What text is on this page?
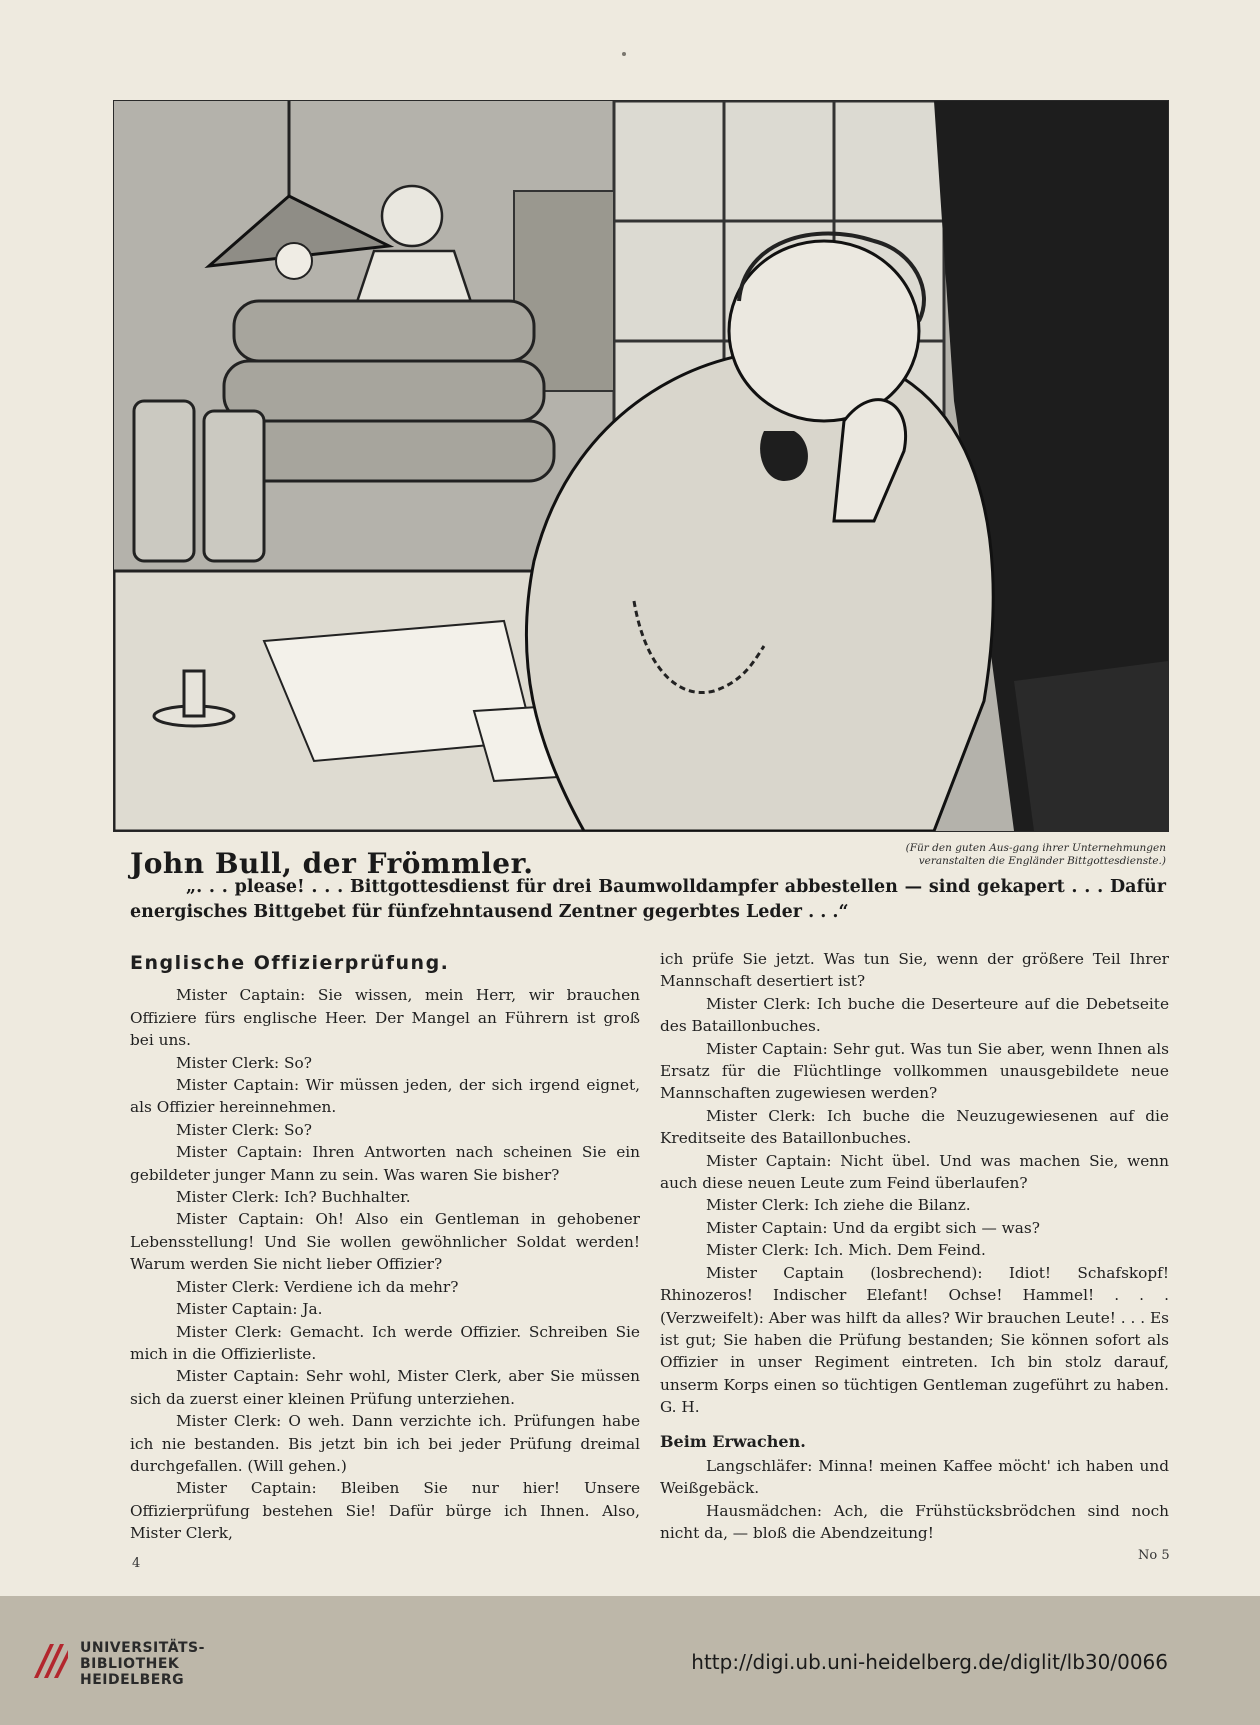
(Für den guten Aus-gang ihrer Unternehmungen
veranstalten die Engländer Bittgottesdienste.)
John Bull, der Frömmler.
„. . . please! . . . Bittgottesdienst für drei Baumwolldampfer abbestellen — sind gekapert . . . Dafür energisches Bittgebet für fünfzehntausend Zentner gegerbtes Leder . . .“
Englische Offizierprüfung.

Mister Captain: Sie wissen, mein Herr, wir brauchen Offiziere fürs englische Heer. Der Mangel an Führern ist groß bei uns.

Mister Clerk: So?

Mister Captain: Wir müssen jeden, der sich irgend eignet, als Offizier hereinnehmen.

Mister Clerk: So?

Mister Captain: Ihren Antworten nach scheinen Sie ein gebildeter junger Mann zu sein. Was waren Sie bisher?

Mister Clerk: Ich? Buchhalter.

Mister Captain: Oh! Also ein Gentleman in gehobener Lebensstellung! Und Sie wollen gewöhnlicher Soldat werden! Warum werden Sie nicht lieber Offizier?

Mister Clerk: Verdiene ich da mehr?

Mister Captain: Ja.

Mister Clerk: Gemacht. Ich werde Offizier. Schreiben Sie mich in die Offizierliste.

Mister Captain: Sehr wohl, Mister Clerk, aber Sie müssen sich da zuerst einer kleinen Prüfung unterziehen.

Mister Clerk: O weh. Dann verzichte ich. Prüfungen habe ich nie bestanden. Bis jetzt bin ich bei jeder Prüfung dreimal durchgefallen. (Will gehen.)

Mister Captain: Bleiben Sie nur hier! Unsere Offizierprüfung bestehen Sie! Dafür bürge ich Ihnen. Also, Mister Clerk,

ich prüfe Sie jetzt. Was tun Sie, wenn der größere Teil Ihrer Mannschaft desertiert ist?

Mister Clerk: Ich buche die Deserteure auf die Debetseite des Bataillonbuches.

Mister Captain: Sehr gut. Was tun Sie aber, wenn Ihnen als Ersatz für die Flüchtlinge vollkommen unausgebildete neue Mannschaften zugewiesen werden?

Mister Clerk: Ich buche die Neuzugewiesenen auf die Kreditseite des Bataillonbuches.

Mister Captain: Nicht übel. Und was machen Sie, wenn auch diese neuen Leute zum Feind überlaufen?

Mister Clerk: Ich ziehe die Bilanz.

Mister Captain: Und da ergibt sich — was?

Mister Clerk: Ich. Mich. Dem Feind.

Mister Captain (losbrechend): Idiot! Schafskopf! Rhinozeros! Indischer Elefant! Ochse! Hammel! . . . (Verzweifelt): Aber was hilft da alles? Wir brauchen Leute! . . . Es ist gut; Sie haben die Prüfung bestanden; Sie können sofort als Offizier in unser Regiment eintreten. Ich bin stolz darauf, unserm Korps einen so tüchtigen Gentleman zugeführt zu haben. G. H.

Beim Erwachen.

Langschläfer: Minna! meinen Kaffee möcht' ich haben und Weißgebäck.

Hausmädchen: Ach, die Frühstücksbrödchen sind noch nicht da, — bloß die Abendzeitung!

4
No 5
UNIVERSITÄTS-
BIBLIOTHEK
HEIDELBERG
http://digi.ub.uni-heidelberg.de/diglit/lb30/0066
